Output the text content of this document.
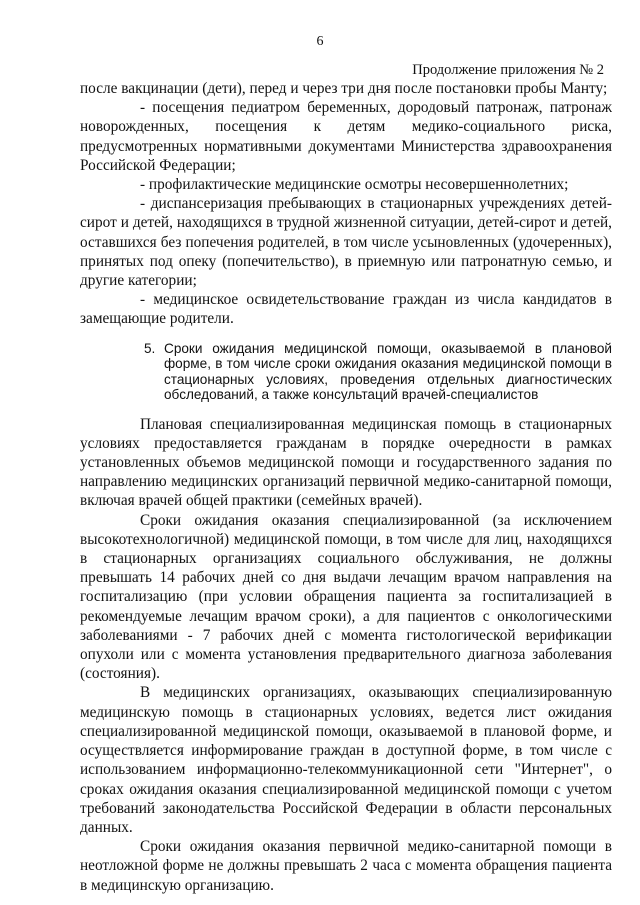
6
Продолжение приложения № 2

после вакцинации (дети), перед и через три дня после постановки пробы Манту;

- посещения педиатром беременных, дородовый патронаж, патронаж новорожденных, посещения к детям медико-социального риска, предусмотренных нормативными документами Министерства здравоохранения Российской Федерации;

- профилактические медицинские осмотры несовершеннолетних;

- диспансеризация пребывающих в стационарных учреждениях детей-сирот и детей, находящихся в трудной жизненной ситуации, детей-сирот и детей, оставшихся без попечения родителей, в том числе усыновленных (удочеренных), принятых под опеку (попечительство), в приемную или патронатную семью, и другие категории;

- медицинское освидетельствование граждан из числа кандидатов в замещающие родители.

5. Сроки ожидания медицинской помощи, оказываемой в плановой форме, в том числе сроки ожидания оказания медицинской помощи в стационарных условиях, проведения отдельных диагностических обследований, а также консультаций врачей-специалистов

Плановая специализированная медицинская помощь в стационарных условиях предоставляется гражданам в порядке очередности в рамках установленных объемов медицинской помощи и государственного задания по направлению медицинских организаций первичной медико-санитарной помощи, включая врачей общей практики (семейных врачей).

Сроки ожидания оказания специализированной (за исключением высокотехнологичной) медицинской помощи, в том числе для лиц, находящихся в стационарных организациях социального обслуживания, не должны превышать 14 рабочих дней со дня выдачи лечащим врачом направления на госпитализацию (при условии обращения пациента за госпитализацией в рекомендуемые лечащим врачом сроки), а для пациентов с онкологическими заболеваниями - 7 рабочих дней с момента гистологической верификации опухоли или с момента установления предварительного диагноза заболевания (состояния).

В медицинских организациях, оказывающих специализированную медицинскую помощь в стационарных условиях, ведется лист ожидания специализированной медицинской помощи, оказываемой в плановой форме, и осуществляется информирование граждан в доступной форме, в том числе с использованием информационно-телекоммуникационной сети "Интернет", о сроках ожидания оказания специализированной медицинской помощи с учетом требований законодательства Российской Федерации в области персональных данных.

Сроки ожидания оказания первичной медико-санитарной помощи в неотложной форме не должны превышать 2 часа с момента обращения пациента в медицинскую организацию.
